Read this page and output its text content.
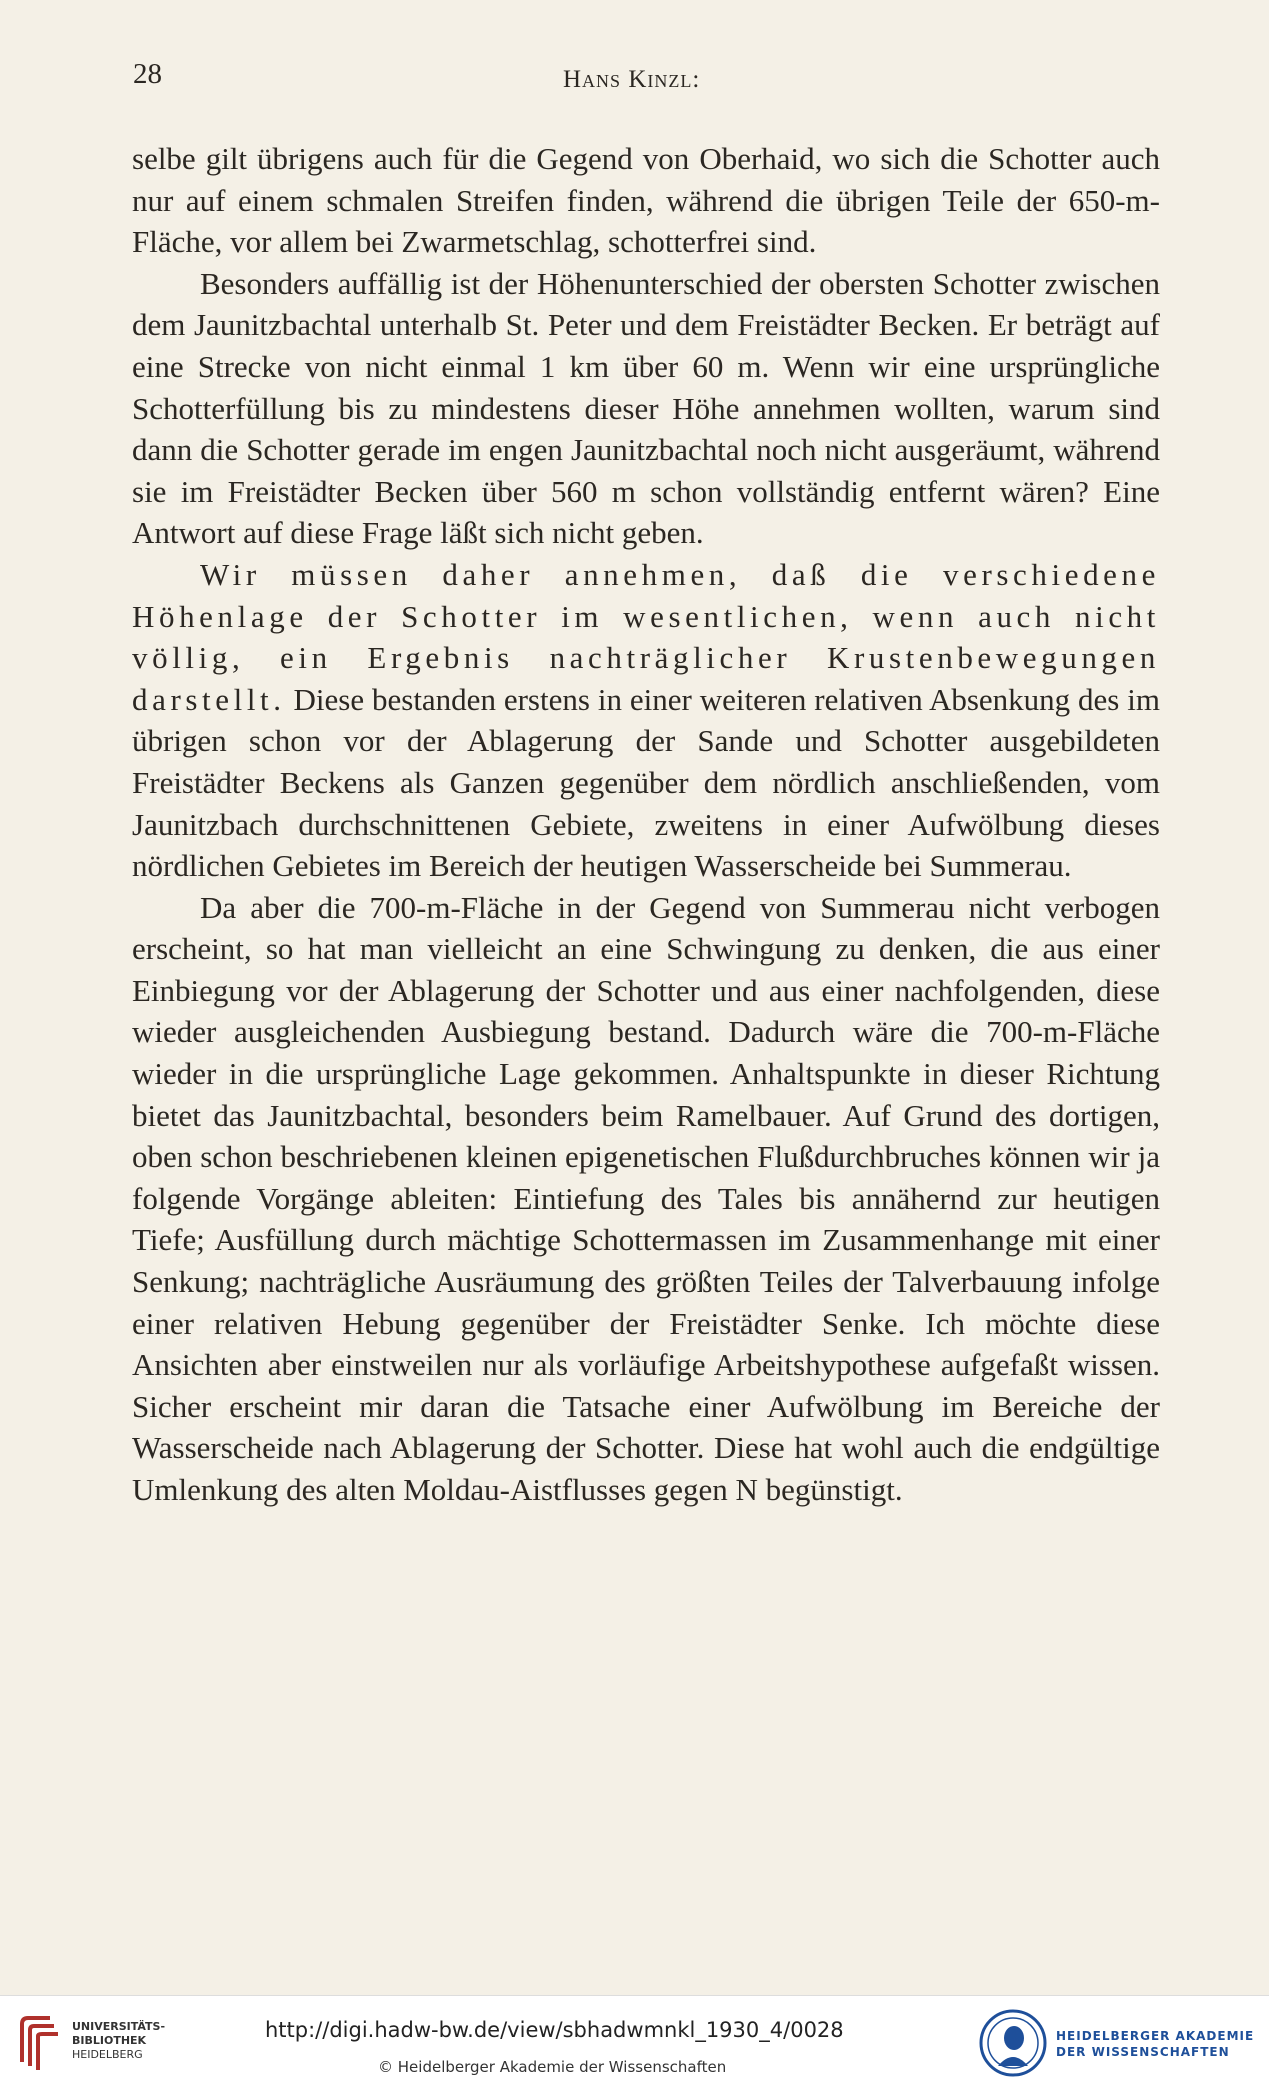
28	Hans Kinzl:

selbe gilt übrigens auch für die Gegend von Oberhaid, wo sich die Schotter auch nur auf einem schmalen Streifen finden, während die übrigen Teile der 650-m-Fläche, vor allem bei Zwarmetschlag, schotterfrei sind.

Besonders auffällig ist der Höhenunterschied der obersten Schotter zwischen dem Jaunitzbachtal unterhalb St. Peter und dem Freistädter Becken. Er beträgt auf eine Strecke von nicht einmal 1 km über 60 m. Wenn wir eine ursprüngliche Schotterfüllung bis zu mindestens dieser Höhe annehmen wollten, warum sind dann die Schotter gerade im engen Jaunitzbachtal noch nicht ausgeräumt, während sie im Freistädter Becken über 560 m schon vollständig entfernt wären? Eine Antwort auf diese Frage läßt sich nicht geben.

Wir müssen daher annehmen, daß die verschiedene Höhenlage der Schotter im wesentlichen, wenn auch nicht völlig, ein Ergebnis nachträglicher Krustenbewegungen darstellt. Diese bestanden erstens in einer weiteren relativen Absenkung des im übrigen schon vor der Ablagerung der Sande und Schotter ausgebildeten Freistädter Beckens als Ganzen gegenüber dem nördlich anschließenden, vom Jaunitzbach durchschnittenen Gebiete, zweitens in einer Aufwölbung dieses nördlichen Gebietes im Bereich der heutigen Wasserscheide bei Summerau.

Da aber die 700-m-Fläche in der Gegend von Summerau nicht verbogen erscheint, so hat man vielleicht an eine Schwingung zu denken, die aus einer Einbiegung vor der Ablagerung der Schotter und aus einer nachfolgenden, diese wieder ausgleichenden Ausbiegung bestand. Dadurch wäre die 700-m-Fläche wieder in die ursprüngliche Lage gekommen. Anhaltspunkte in dieser Richtung bietet das Jaunitzbachtal, besonders beim Ramelbauer. Auf Grund des dortigen, oben schon beschriebenen kleinen epigenetischen Flußdurchbruches können wir ja folgende Vorgänge ableiten: Eintiefung des Tales bis annähernd zur heutigen Tiefe; Ausfüllung durch mächtige Schottermassen im Zusammenhange mit einer Senkung; nachträgliche Ausräumung des größten Teiles der Talverbauung infolge einer relativen Hebung gegenüber der Freistädter Senke. Ich möchte diese Ansichten aber einstweilen nur als vorläufige Arbeitshypothese aufgefaßt wissen. Sicher erscheint mir daran die Tatsache einer Aufwölbung im Bereiche der Wasserscheide nach Ablagerung der Schotter. Diese hat wohl auch die endgültige Umlenkung des alten Moldau-Aistflusses gegen N begünstigt.

UNIVERSITÄTS-
BIBLIOTHEK
HEIDELBERG
http://digi.hadw-bw.de/view/sbhadwmnkl_1930_4/0028
© Heidelberger Akademie der Wissenschaften
HEIDELBERGER AKADEMIE
DER WISSENSCHAFTEN
